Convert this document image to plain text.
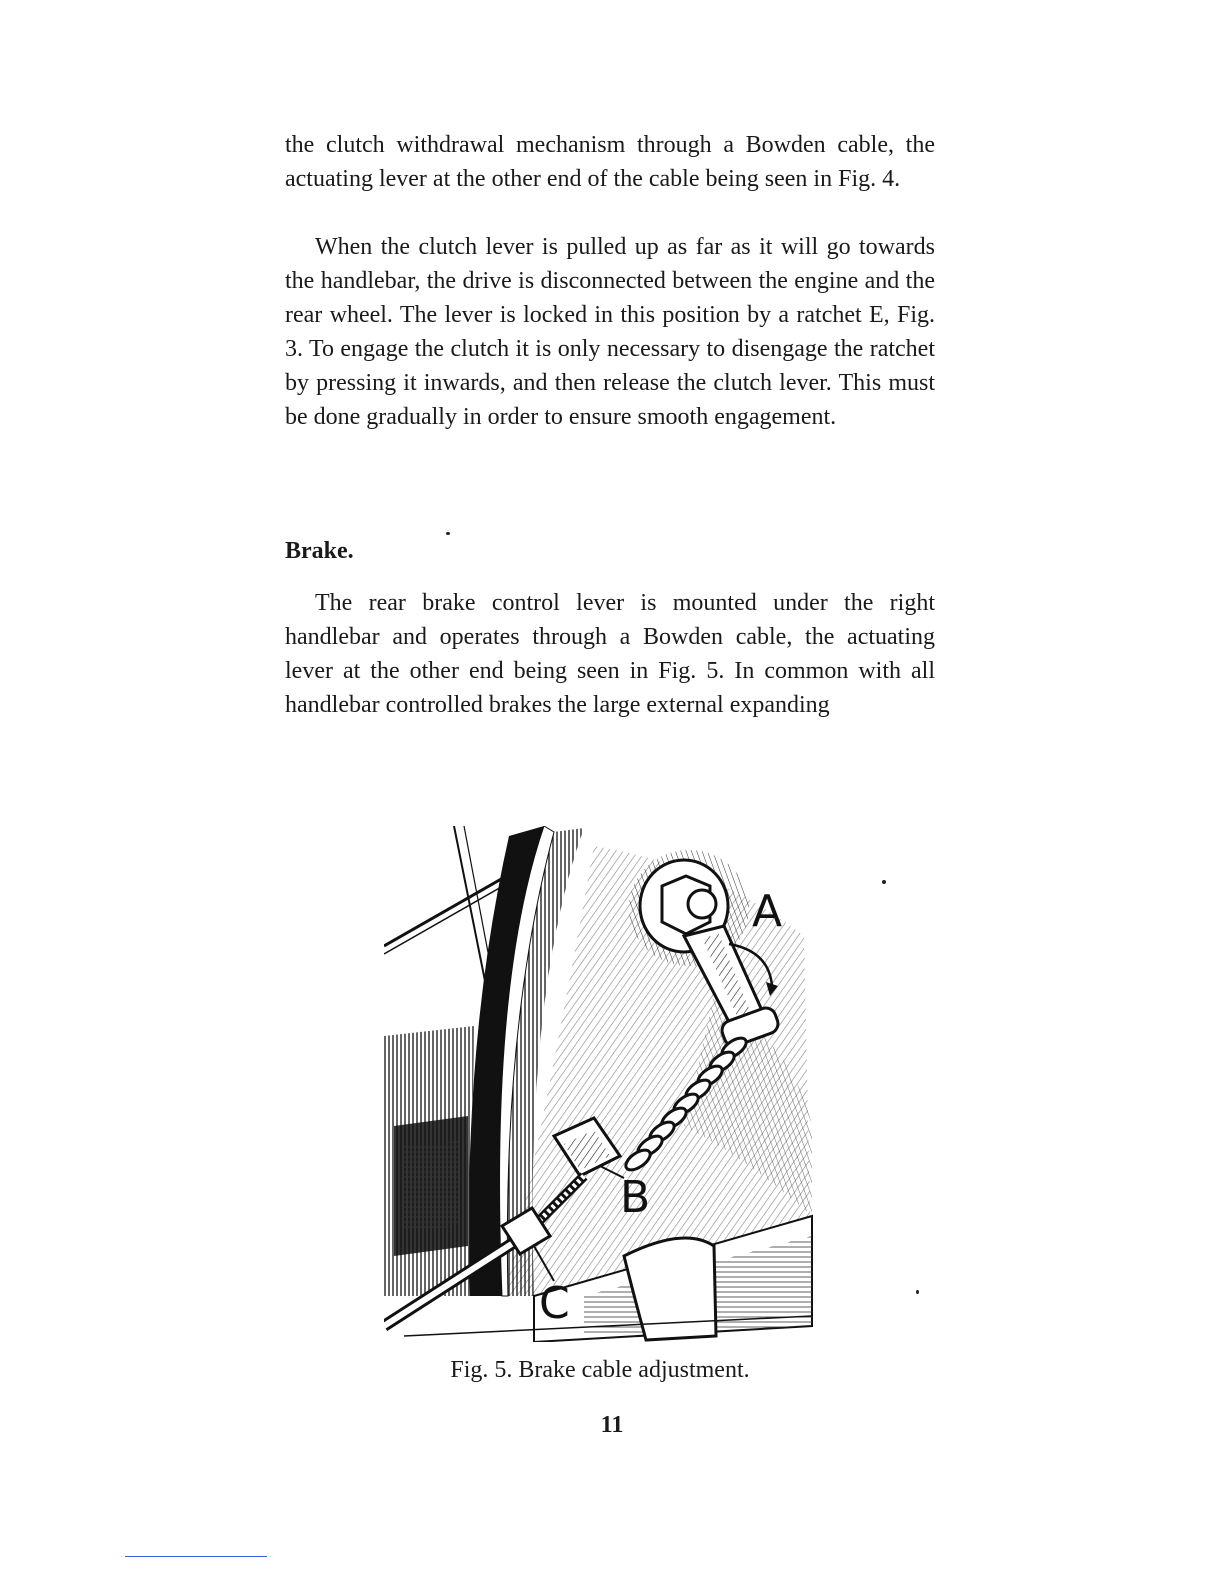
the clutch withdrawal mechanism through a Bowden cable, the actuating lever at the other end of the cable being seen in Fig. 4.

When the clutch lever is pulled up as far as it will go towards the handlebar, the drive is disconnected between the engine and the rear wheel. The lever is locked in this position by a ratchet E, Fig. 3. To engage the clutch it is only necessary to disengage the ratchet by pressing it inwards, and then release the clutch lever. This must be done gradually in order to ensure smooth engagement.

Brake.

The rear brake control lever is mounted under the right handlebar and operates through a Bowden cable, the actuating lever at the other end being seen in Fig. 5. In common with all handlebar controlled brakes the large external expanding

A
B
C

Fig. 5. Brake cable adjustment.

11
